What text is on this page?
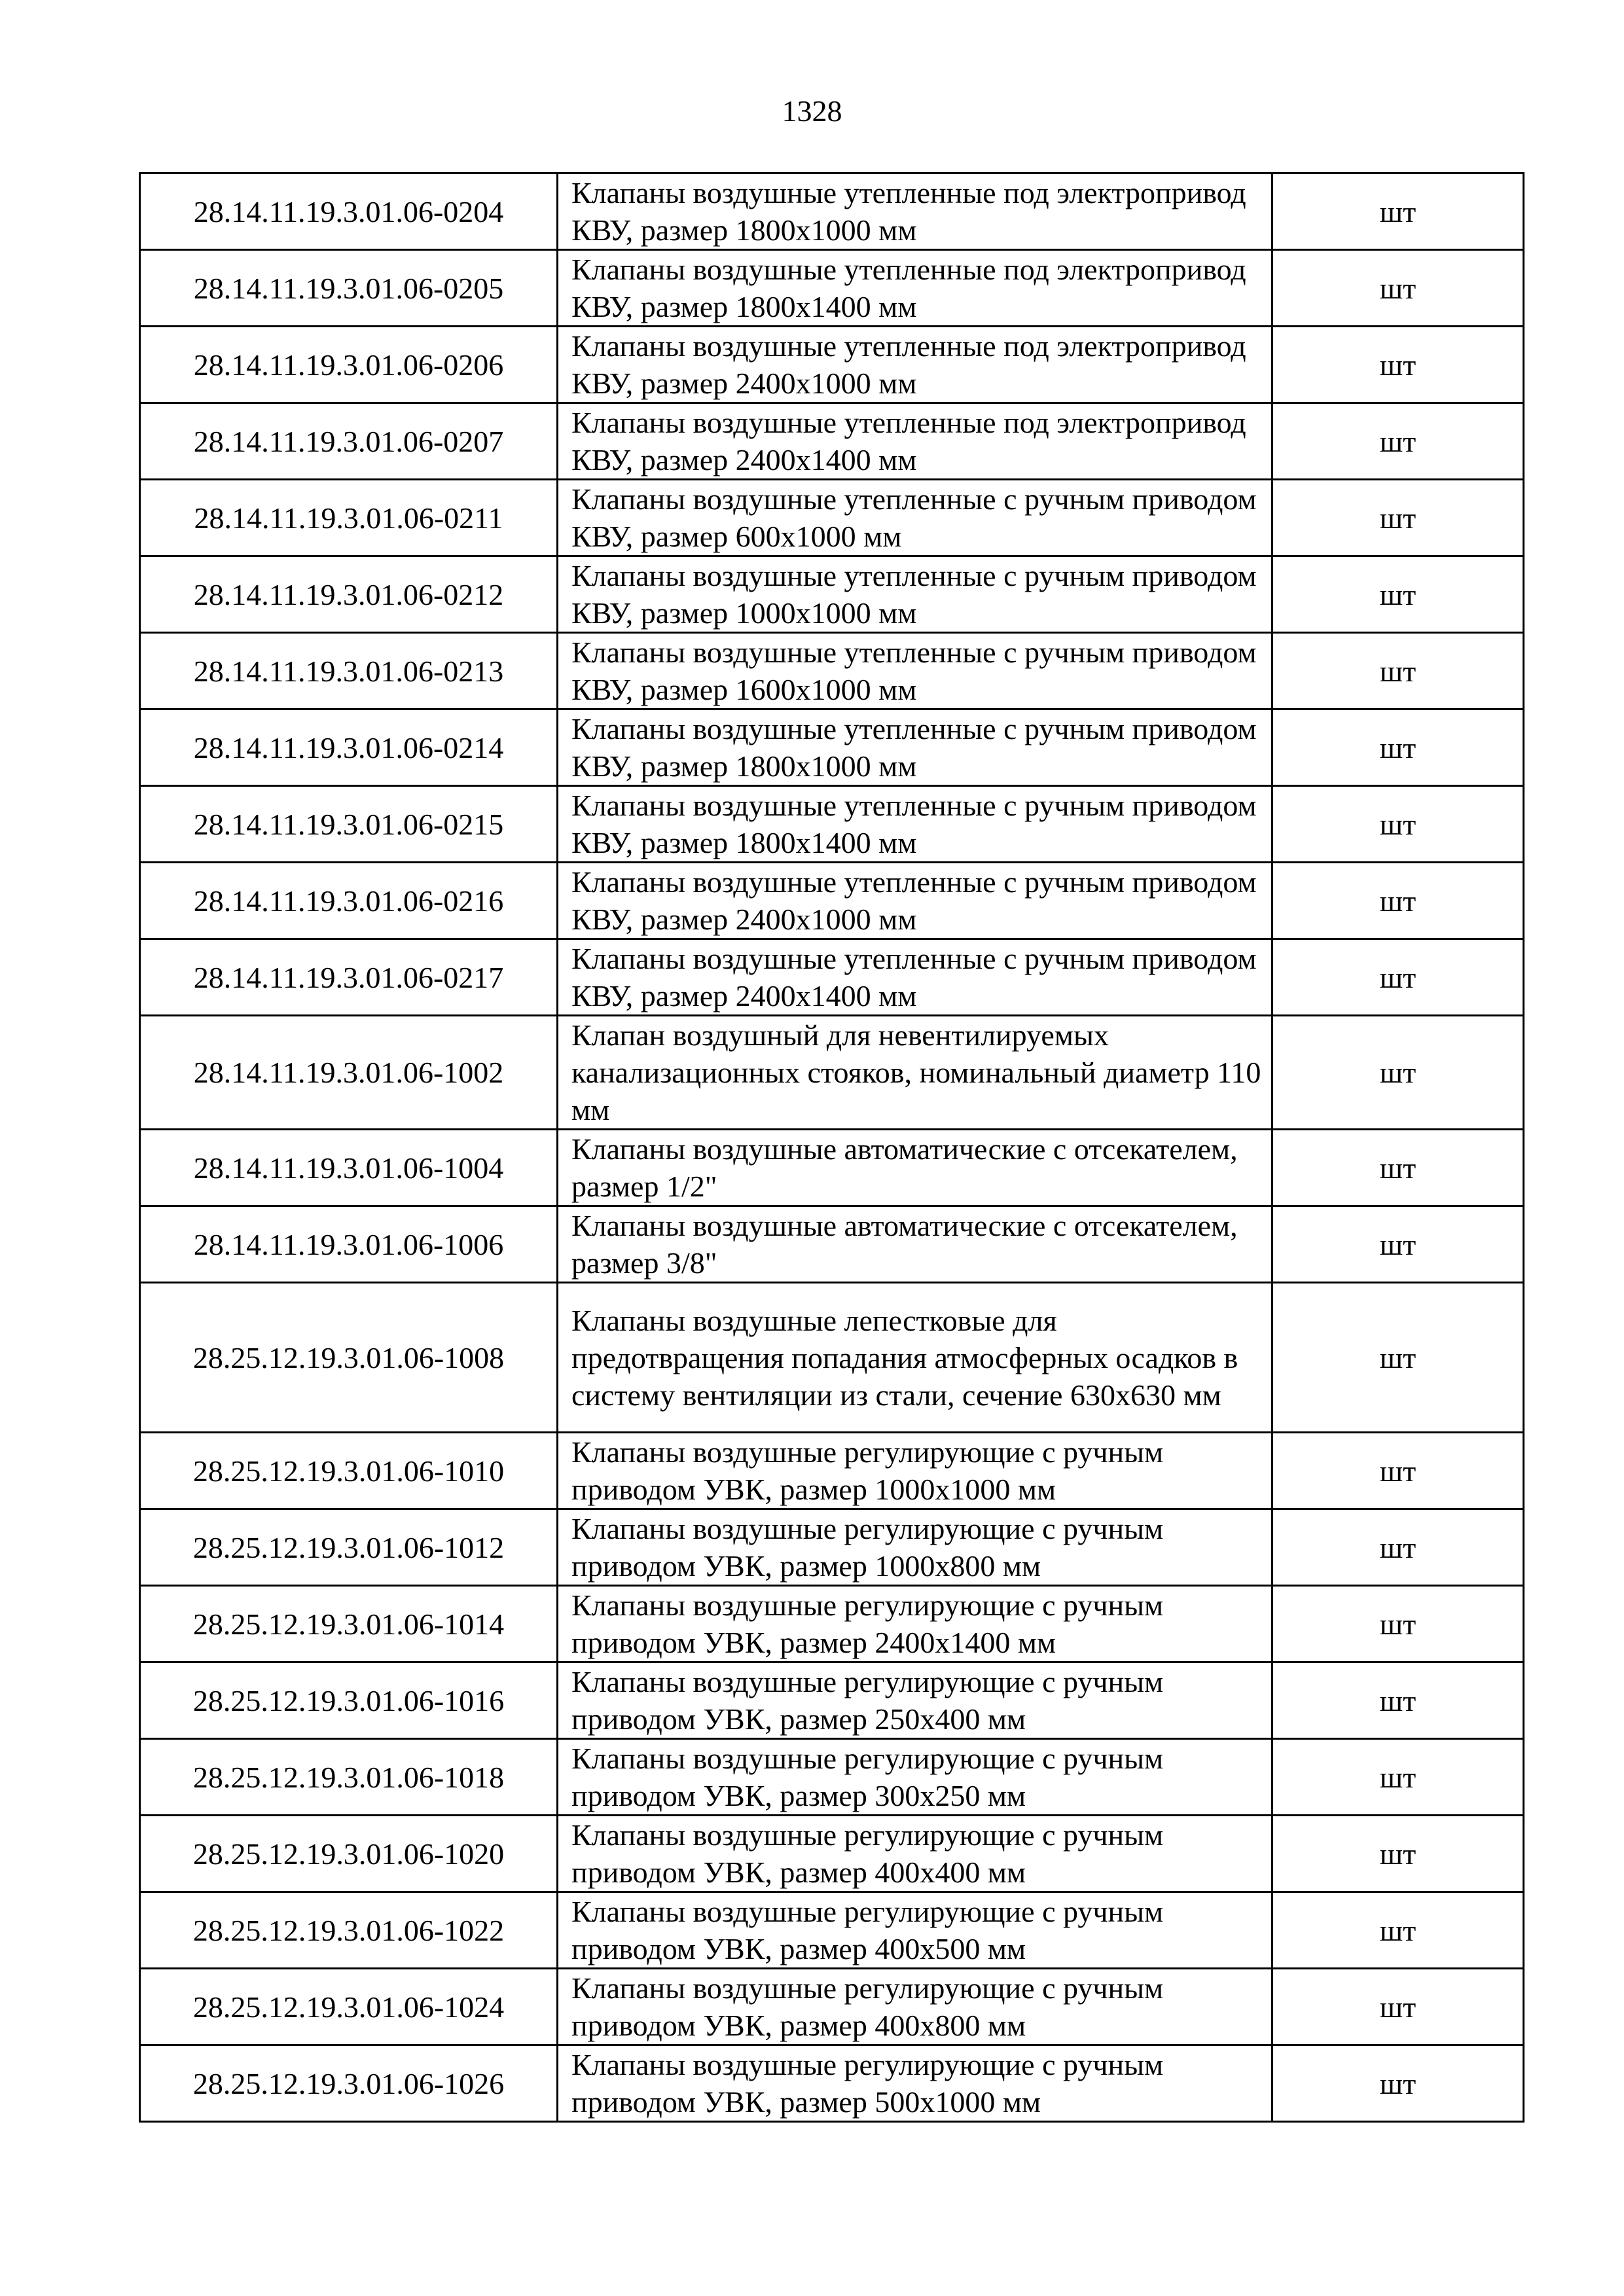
1328
28.14.11.19.3.01.06-0204	Клапаны воздушные утепленные под электропривод КВУ, размер 1800х1000 мм	шт
28.14.11.19.3.01.06-0205	Клапаны воздушные утепленные под электропривод КВУ, размер 1800х1400 мм	шт
28.14.11.19.3.01.06-0206	Клапаны воздушные утепленные под электропривод КВУ, размер 2400х1000 мм	шт
28.14.11.19.3.01.06-0207	Клапаны воздушные утепленные под электропривод КВУ, размер 2400х1400 мм	шт
28.14.11.19.3.01.06-0211	Клапаны воздушные утепленные с ручным приводом КВУ, размер 600х1000 мм	шт
28.14.11.19.3.01.06-0212	Клапаны воздушные утепленные с ручным приводом КВУ, размер 1000х1000 мм	шт
28.14.11.19.3.01.06-0213	Клапаны воздушные утепленные с ручным приводом КВУ, размер 1600х1000 мм	шт
28.14.11.19.3.01.06-0214	Клапаны воздушные утепленные с ручным приводом КВУ, размер 1800х1000 мм	шт
28.14.11.19.3.01.06-0215	Клапаны воздушные утепленные с ручным приводом КВУ, размер 1800х1400 мм	шт
28.14.11.19.3.01.06-0216	Клапаны воздушные утепленные с ручным приводом КВУ, размер 2400х1000 мм	шт
28.14.11.19.3.01.06-0217	Клапаны воздушные утепленные с ручным приводом КВУ, размер 2400х1400 мм	шт
28.14.11.19.3.01.06-1002	Клапан воздушный для невентилируемых канализационных стояков, номинальный диаметр 110 мм	шт
28.14.11.19.3.01.06-1004	Клапаны воздушные автоматические с отсекателем, размер 1/2"	шт
28.14.11.19.3.01.06-1006	Клапаны воздушные автоматические с отсекателем, размер 3/8"	шт
28.25.12.19.3.01.06-1008	Клапаны воздушные лепестковые для предотвращения попадания атмосферных осадков в систему вентиляции из стали, сечение 630х630 мм	шт
28.25.12.19.3.01.06-1010	Клапаны воздушные регулирующие с ручным приводом УВК, размер 1000х1000 мм	шт
28.25.12.19.3.01.06-1012	Клапаны воздушные регулирующие с ручным приводом УВК, размер 1000х800 мм	шт
28.25.12.19.3.01.06-1014	Клапаны воздушные регулирующие с ручным приводом УВК, размер 2400х1400 мм	шт
28.25.12.19.3.01.06-1016	Клапаны воздушные регулирующие с ручным приводом УВК, размер 250х400 мм	шт
28.25.12.19.3.01.06-1018	Клапаны воздушные регулирующие с ручным приводом УВК, размер 300х250 мм	шт
28.25.12.19.3.01.06-1020	Клапаны воздушные регулирующие с ручным приводом УВК, размер 400х400 мм	шт
28.25.12.19.3.01.06-1022	Клапаны воздушные регулирующие с ручным приводом УВК, размер 400х500 мм	шт
28.25.12.19.3.01.06-1024	Клапаны воздушные регулирующие с ручным приводом УВК, размер 400х800 мм	шт
28.25.12.19.3.01.06-1026	Клапаны воздушные регулирующие с ручным приводом УВК, размер 500х1000 мм	шт
